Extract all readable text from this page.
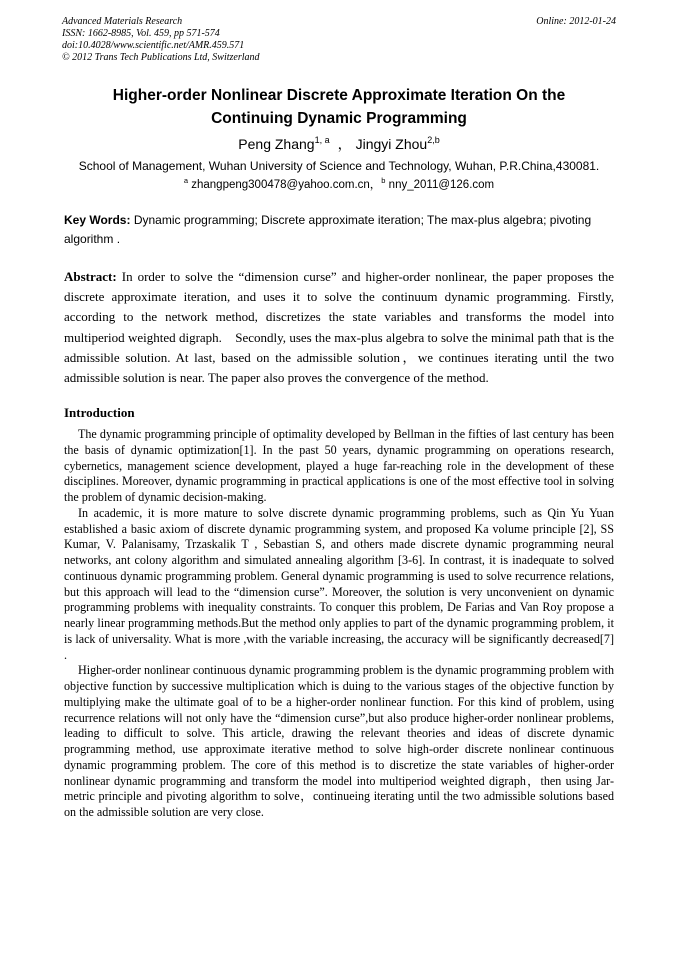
Advanced Materials Research
ISSN: 1662-8985, Vol. 459, pp 571-574
doi:10.4028/www.scientific.net/AMR.459.571
© 2012 Trans Tech Publications Ltd, Switzerland
Online: 2012-01-24
Higher-order Nonlinear Discrete Approximate Iteration On the
Continuing Dynamic Programming
Peng Zhang$^{1, a}$ ， Jingyi Zhou$^{2,b}$
School of Management, Wuhan University of Science and Technology, Wuhan, P.R.China,430081.
$^a$ zhangpeng300478@yahoo.com.cn，$^b$ nny_2011@126.com
Key Words: Dynamic programming; Discrete approximate iteration; The max-plus algebra; pivoting algorithm .
Abstract: In order to solve the “dimension curse” and higher-order nonlinear, the paper proposes the discrete approximate iteration, and uses it to solve the continuum dynamic programming. Firstly, according to the network method, discretizes the state variables and transforms the model into multiperiod weighted digraph.    Secondly, uses the max-plus algebra to solve the minimal path that is the admissible solution. At last, based on the admissible solution，we continues iterating until the two admissible solution is near. The paper also proves the convergence of the method.
Introduction

The dynamic programming principle of optimality developed by Bellman in the fifties of last century has been the basis of dynamic optimization[1]. In the past 50 years, dynamic programming on operations research, cybernetics, management science development, played a huge far-reaching role in the development of these disciplines. Moreover, dynamic programming in practical applications is one of the most effective tool in solving the problem of dynamic decision-making.

In academic, it is more mature to solve discrete dynamic programming problems, such as Qin Yu Yuan established a basic axiom of discrete dynamic programming system, and proposed Ka volume principle [2], SS Kumar, V. Palanisamy, Trzaskalik T , Sebastian S, and others made discrete dynamic programming neural networks, ant colony algorithm and simulated annealing algorithm [3-6]. In contrast, it is inadequate to solved continuous dynamic programming problem. General dynamic programming is used to solve recurrence relations, but this approach will lead to the “dimension curse”. Moreover, the solution is very unconvenient on dynamic programming problems with inequality constraints. To conquer this problem, De Farias and Van Roy propose a nearly linear programming methods.But the method only applies to part of the dynamic programming problem, it is lack of universality. What is more ,with the variable increasing, the accuracy will be significantly decreased[7] .

Higher-order nonlinear continuous dynamic programming problem is the dynamic programming problem with objective function by successive multiplication which is duing to the various stages of the objective function by multiplying make the ultimate goal of to be a higher-order nonlinear function. For this kind of problem, using recurrence relations will not only have the “dimension curse”,but also produce higher-order nonlinear problems, leading to difficult to solve. This article, drawing the relevant theories and ideas of discrete dynamic programming method, use approximate iterative method to solve high-order discrete nonlinear continuous dynamic programming problem. The core of this method is to discretize the state variables of higher-order nonlinear dynamic programming and transform the model into multiperiod weighted digraph，then using Jar-metric principle and pivoting algorithm to solve，continueing iterating until the two admissible solutions based on the admissible solution are very close.
